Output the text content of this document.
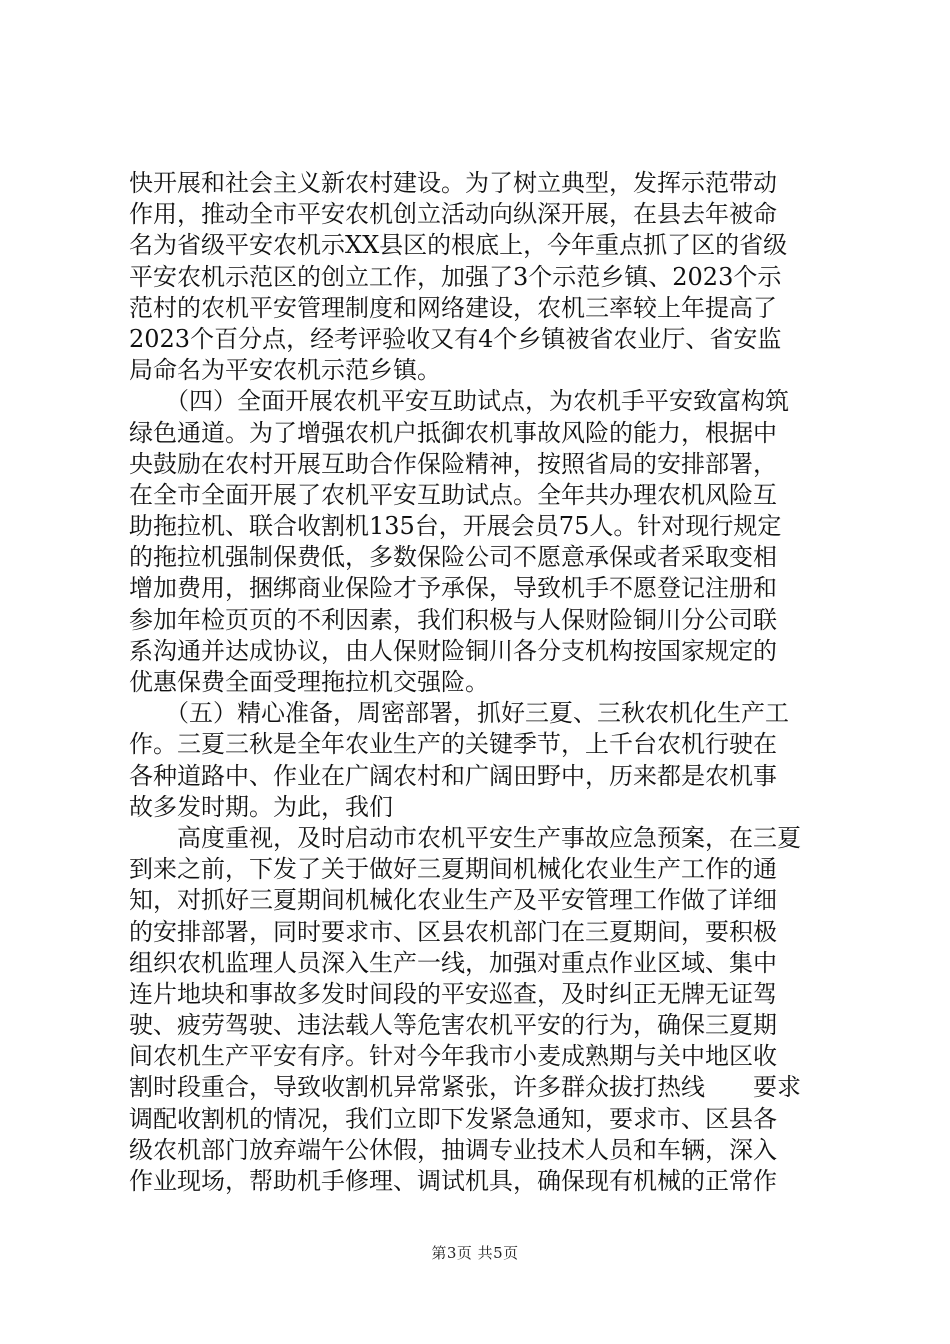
快开展和社会主义新农村建设。为了树立典型，发挥示范带动
作用，推动全市平安农机创立活动向纵深开展，在县去年被命
名为省级平安农机示XX县区的根底上，今年重点抓了区的省级
平安农机示范区的创立工作，加强了3个示范乡镇、2023个示
范村的农机平安管理制度和网络建设，农机三率较上年提高了
2023个百分点，经考评验收又有4个乡镇被省农业厅、省安监
局命名为平安农机示范乡镇。
　　（四）全面开展农机平安互助试点，为农机手平安致富构筑
绿色通道。为了增强农机户抵御农机事故风险的能力，根据中
央鼓励在农村开展互助合作保险精神，按照省局的安排部署，
在全市全面开展了农机平安互助试点。全年共办理农机风险互
助拖拉机、联合收割机135台，开展会员75人。针对现行规定
的拖拉机强制保费低，多数保险公司不愿意承保或者采取变相
增加费用，捆绑商业保险才予承保，导致机手不愿登记注册和
参加年检页页的不利因素，我们积极与人保财险铜川分公司联
系沟通并达成协议，由人保财险铜川各分支机构按国家规定的
优惠保费全面受理拖拉机交强险。
　　（五）精心准备，周密部署，抓好三夏、三秋农机化生产工
作。三夏三秋是全年农业生产的关键季节，上千台农机行驶在
各种道路中、作业在广阔农村和广阔田野中，历来都是农机事
故多发时期。为此，我们
　　高度重视，及时启动市农机平安生产事故应急预案，在三夏
到来之前，下发了关于做好三夏期间机械化农业生产工作的通
知，对抓好三夏期间机械化农业生产及平安管理工作做了详细
的安排部署，同时要求市、区县农机部门在三夏期间，要积极
组织农机监理人员深入生产一线，加强对重点作业区域、集中
连片地块和事故多发时间段的平安巡查，及时纠正无牌无证驾
驶、疲劳驾驶、违法载人等危害农机平安的行为，确保三夏期
间农机生产平安有序。针对今年我市小麦成熟期与关中地区收
割时段重合，导致收割机异常紧张，许多群众拔打热线　　要求
调配收割机的情况，我们立即下发紧急通知，要求市、区县各
级农机部门放弃端午公休假，抽调专业技术人员和车辆，深入
作业现场，帮助机手修理、调试机具，确保现有机械的正常作
第3页 共5页
